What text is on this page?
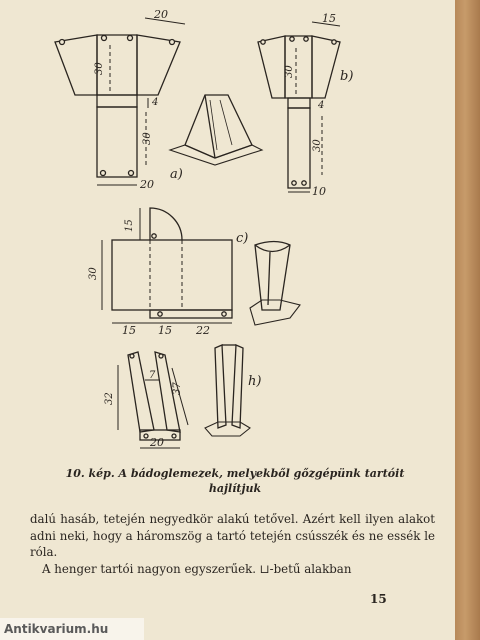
20
30
4
30
20
a)
15
30
4
30
10
b)
15
30
15 15 22
c)
7
32
37
20
h)
10. kép. A bádoglemezek, melyekből gőzgépünk tartóit
hajlítjuk

dalú hasáb, tetején negyedkör alakú tetővel. Azért kell ilyen alakot adni neki, hogy a háromszög a tartó tetején csússzék és ne essék le róla.

A henger tartói nagyon egyszerűek. ⊔-betű alakban

15
Antikvarium.hu
